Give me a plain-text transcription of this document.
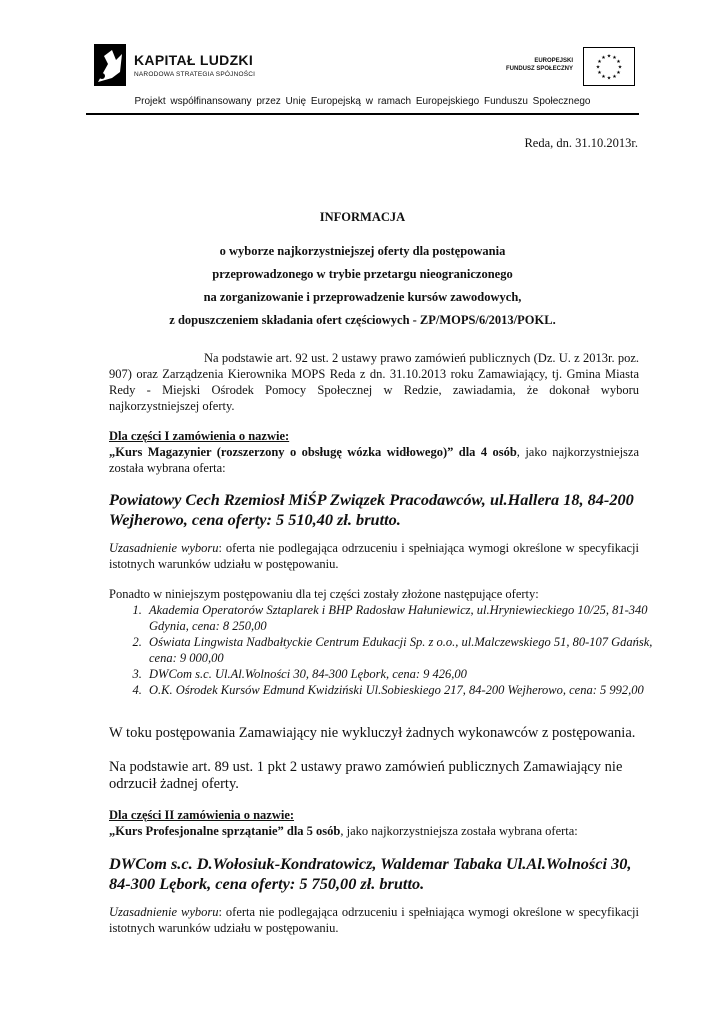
KAPITAŁ LUDZKI
NARODOWA STRATEGIA SPÓJNOŚCI
EUROPEJSKI
FUNDUSZ SPOŁECZNY
★ ★
★
★
★
★
★
★
★
★
★
★
Projekt współfinansowany przez Unię Europejską w ramach Europejskiego Funduszu Społecznego
Reda, dn. 31.10.2013r.
INFORMACJA
o wyborze najkorzystniejszej oferty dla postępowania
przeprowadzonego w trybie przetargu nieograniczonego
na zorganizowanie i przeprowadzenie kursów zawodowych,
z dopuszczeniem składania ofert częściowych - ZP/MOPS/6/2013/POKL.
Na podstawie art. 92 ust. 2 ustawy prawo zamówień publicznych (Dz. U. z 2013r. poz. 907) oraz Zarządzenia Kierownika MOPS Reda z dn. 31.10.2013 roku Zamawiający, tj. Gmina Miasta Redy - Miejski Ośrodek Pomocy Społecznej w Redzie, zawiadamia, że dokonał wyboru najkorzystniejszej oferty.
Dla części I zamówienia o nazwie:
„Kurs Magazynier (rozszerzony o obsługę wózka widłowego)” dla 4 osób, jako najkorzystniejsza została wybrana oferta:
Powiatowy Cech Rzemiosł MiŚP Związek Pracodawców, ul.Hallera 18, 84-200 Wejherowo, cena oferty: 5 510,40 zł. brutto.
Uzasadnienie wyboru: oferta nie podlegająca odrzuceniu i spełniająca wymogi określone w specyfikacji istotnych warunków udziału w postępowaniu.
Ponadto w niniejszym postępowaniu dla tej części zostały złożone następujące oferty:
1. Akademia Operatorów Sztaplarek i BHP Radosław Hałuniewicz, ul.Hryniewieckiego 10/25, 81-340 Gdynia, cena: 8 250,00
2. Oświata Lingwista Nadbałtyckie Centrum Edukacji Sp. z o.o., ul.Malczewskiego 51, 80-107 Gdańsk, cena: 9 000,00
3. DWCom s.c. Ul.Al.Wolności 30, 84-300 Lębork, cena: 9 426,00
4. O.K. Ośrodek Kursów Edmund Kwidziński Ul.Sobieskiego 217, 84-200 Wejherowo, cena: 5 992,00
W toku postępowania Zamawiający nie wykluczył żadnych wykonawców z postępowania.
Na podstawie art. 89 ust. 1 pkt 2 ustawy prawo zamówień publicznych Zamawiający nie odrzucił żadnej oferty.
Dla części II zamówienia o nazwie:
„Kurs Profesjonalne sprzątanie” dla 5 osób, jako najkorzystniejsza została wybrana oferta:
DWCom s.c. D.Wołosiuk-Kondratowicz, Waldemar Tabaka Ul.Al.Wolności 30, 84-300 Lębork, cena oferty: 5 750,00 zł. brutto.
Uzasadnienie wyboru: oferta nie podlegająca odrzuceniu i spełniająca wymogi określone w specyfikacji istotnych warunków udziału w postępowaniu.
